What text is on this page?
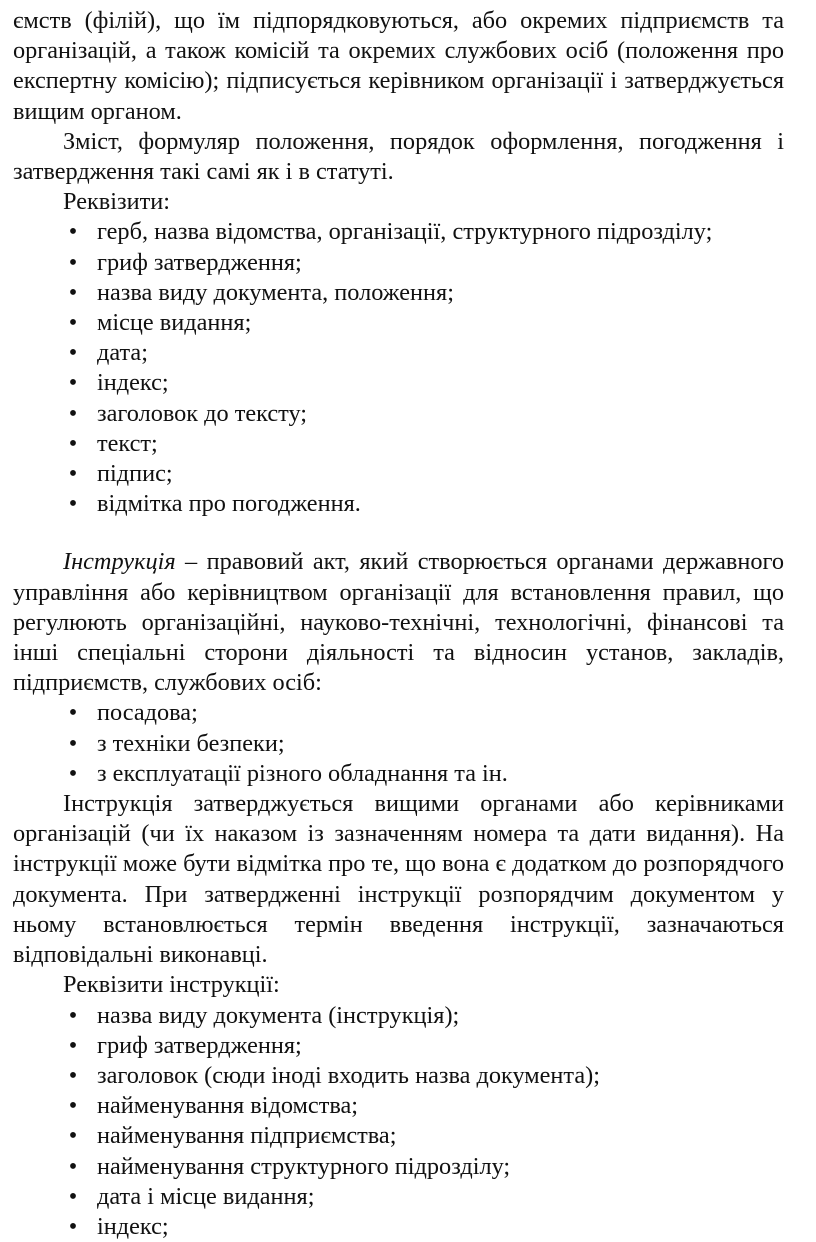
ємств (філій), що їм підпорядковуються, або окремих підприємств та організацій, а також комісій та окремих службових осіб (положення про експертну комісію); підписується керівником організації і затверджується вищим органом.

Зміст, формуляр положення, порядок оформлення, погодження і затвердження такі самі як і в статуті.

Реквізити:

• герб, назва відомства, організації, структурного підрозділу;
• гриф затвердження;
• назва виду документа, положення;
• місце видання;
• дата;
• індекс;
• заголовок до тексту;
• текст;
• підпис;
• відмітка про погодження.

Інструкція – правовий акт, який створюється органами державного управління або керівництвом організації для встановлення правил, що регулюють організаційні, науково-технічні, технологічні, фінансові та інші спеціальні сторони діяльності та відносин установ, закладів, підприємств, службових осіб:

• посадова;
• з техніки безпеки;
• з експлуатації різного обладнання та ін.

Інструкція затверджується вищими органами або керівниками організацій (чи їх наказом із зазначенням номера та дати видання). На інструкції може бути відмітка про те, що вона є додатком до розпорядчого документа. При затвердженні інструкції розпорядчим документом у ньому встановлюється термін введення інструкції, зазначаються відповідальні виконавці.

Реквізити інструкції:

• назва виду документа (інструкція);
• гриф затвердження;
• заголовок (сюди іноді входить назва документа);
• найменування відомства;
• найменування підприємства;
• найменування структурного підрозділу;
• дата і місце видання;
• індекс;
